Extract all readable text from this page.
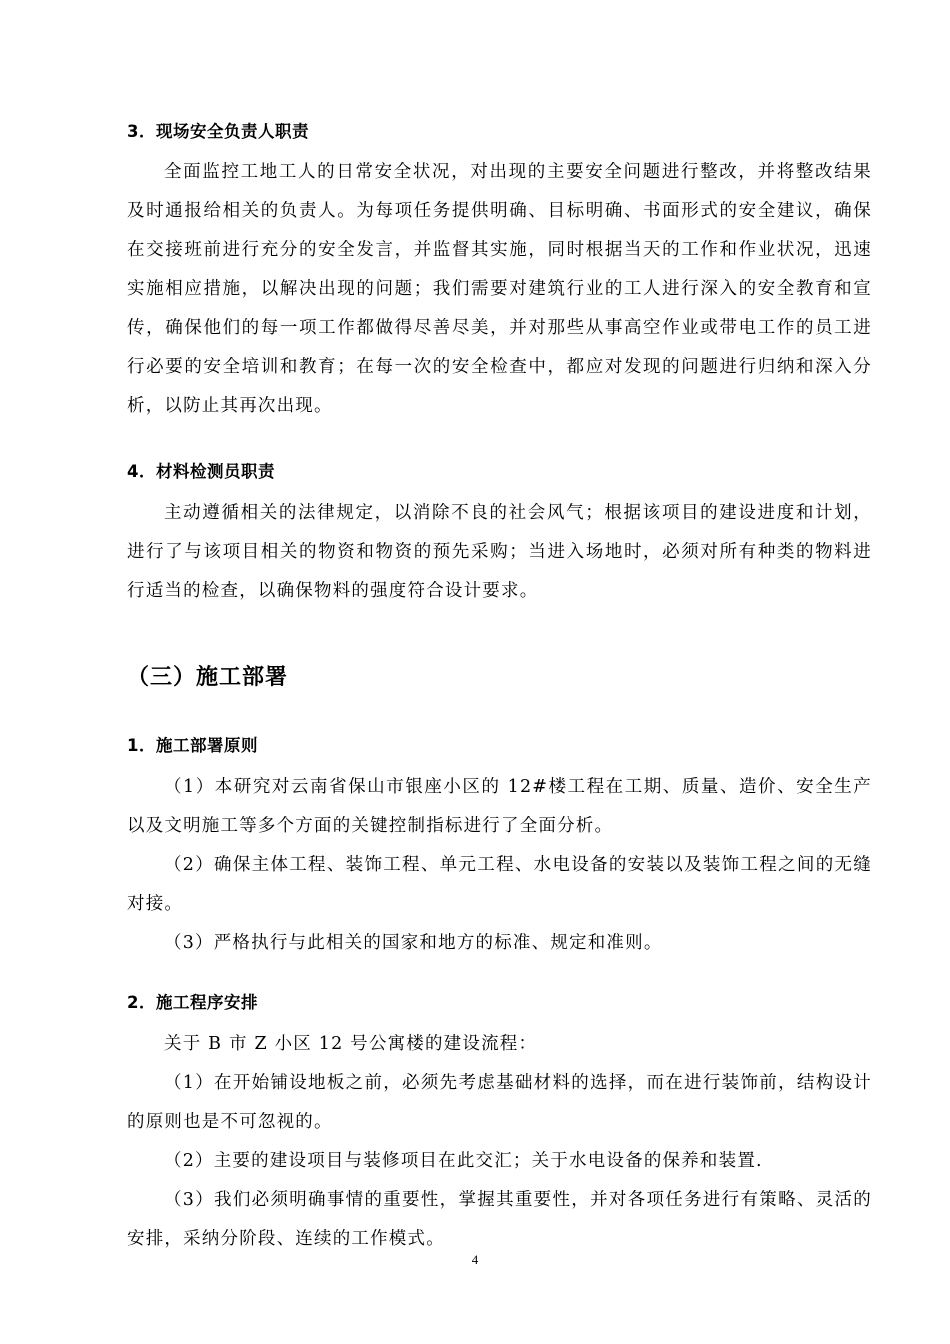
3．现场安全负责人职责
全面监控工地工人的日常安全状况，对出现的主要安全问题进行整改，并将整改结果及时通报给相关的负责人。为每项任务提供明确、目标明确、书面形式的安全建议，确保在交接班前进行充分的安全发言，并监督其实施，同时根据当天的工作和作业状况，迅速实施相应措施，以解决出现的问题；我们需要对建筑行业的工人进行深入的安全教育和宣传，确保他们的每一项工作都做得尽善尽美，并对那些从事高空作业或带电工作的员工进行必要的安全培训和教育；在每一次的安全检查中，都应对发现的问题进行归纳和深入分析，以防止其再次出现。
4．材料检测员职责
主动遵循相关的法律规定，以消除不良的社会风气；根据该项目的建设进度和计划，进行了与该项目相关的物资和物资的预先采购；当进入场地时，必须对所有种类的物料进行适当的检查，以确保物料的强度符合设计要求。
（三）施工部署
1．施工部署原则
（1）本研究对云南省保山市银座小区的 12#楼工程在工期、质量、造价、安全生产以及文明施工等多个方面的关键控制指标进行了全面分析。
（2）确保主体工程、装饰工程、单元工程、水电设备的安装以及装饰工程之间的无缝对接。
（3）严格执行与此相关的国家和地方的标准、规定和准则。
2．施工程序安排
关于 B 市 Z 小区 12 号公寓楼的建设流程：
（1）在开始铺设地板之前，必须先考虑基础材料的选择，而在进行装饰前，结构设计的原则也是不可忽视的。
（2）主要的建设项目与装修项目在此交汇；关于水电设备的保养和装置.
（3）我们必须明确事情的重要性，掌握其重要性，并对各项任务进行有策略、灵活的安排，采纳分阶段、连续的工作模式。
4
